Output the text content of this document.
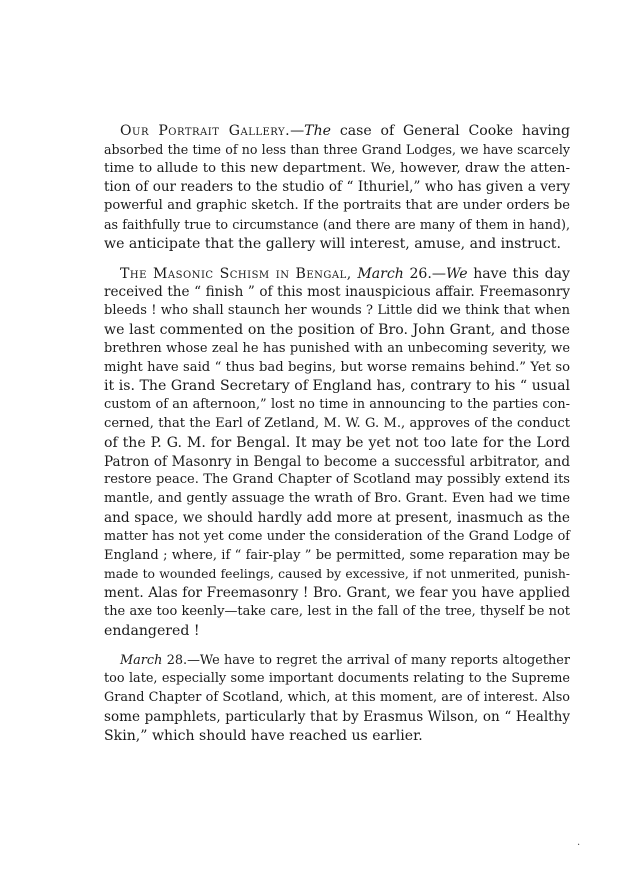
Our Portrait Gallery.—The case of General Cooke having
absorbed the time of no less than three Grand Lodges, we have scarcely
time to allude to this new department. We, however, draw the atten-
tion of our readers to the studio of “ Ithuriel,” who has given a very
powerful and graphic sketch. If the portraits that are under orders be
as faithfully true to circumstance (and there are many of them in hand),
we anticipate that the gallery will interest, amuse, and instruct.
The Masonic Schism in Bengal, March 26.—We have this day
received the “ finish ” of this most inauspicious affair. Freemasonry
bleeds ! who shall staunch her wounds ? Little did we think that when
we last commented on the position of Bro. John Grant, and those
brethren whose zeal he has punished with an unbecoming severity, we
might have said “ thus bad begins, but worse remains behind.” Yet so
it is. The Grand Secretary of England has, contrary to his “ usual
custom of an afternoon,” lost no time in announcing to the parties con-
cerned, that the Earl of Zetland, M. W. G. M., approves of the conduct
of the P. G. M. for Bengal. It may be yet not too late for the Lord
Patron of Masonry in Bengal to become a successful arbitrator, and
restore peace. The Grand Chapter of Scotland may possibly extend its
mantle, and gently assuage the wrath of Bro. Grant. Even had we time
and space, we should hardly add more at present, inasmuch as the
matter has not yet come under the consideration of the Grand Lodge of
England ; where, if “ fair-play ” be permitted, some reparation may be
made to wounded feelings, caused by excessive, if not unmerited, punish-
ment. Alas for Freemasonry ! Bro. Grant, we fear you have applied
the axe too keenly—take care, lest in the fall of the tree, thyself be not
endangered !
March 28.—We have to regret the arrival of many reports altogether
too late, especially some important documents relating to the Supreme
Grand Chapter of Scotland, which, at this moment, are of interest. Also
some pamphlets, particularly that by Erasmus Wilson, on “ Healthy
Skin,” which should have reached us earlier.
.
